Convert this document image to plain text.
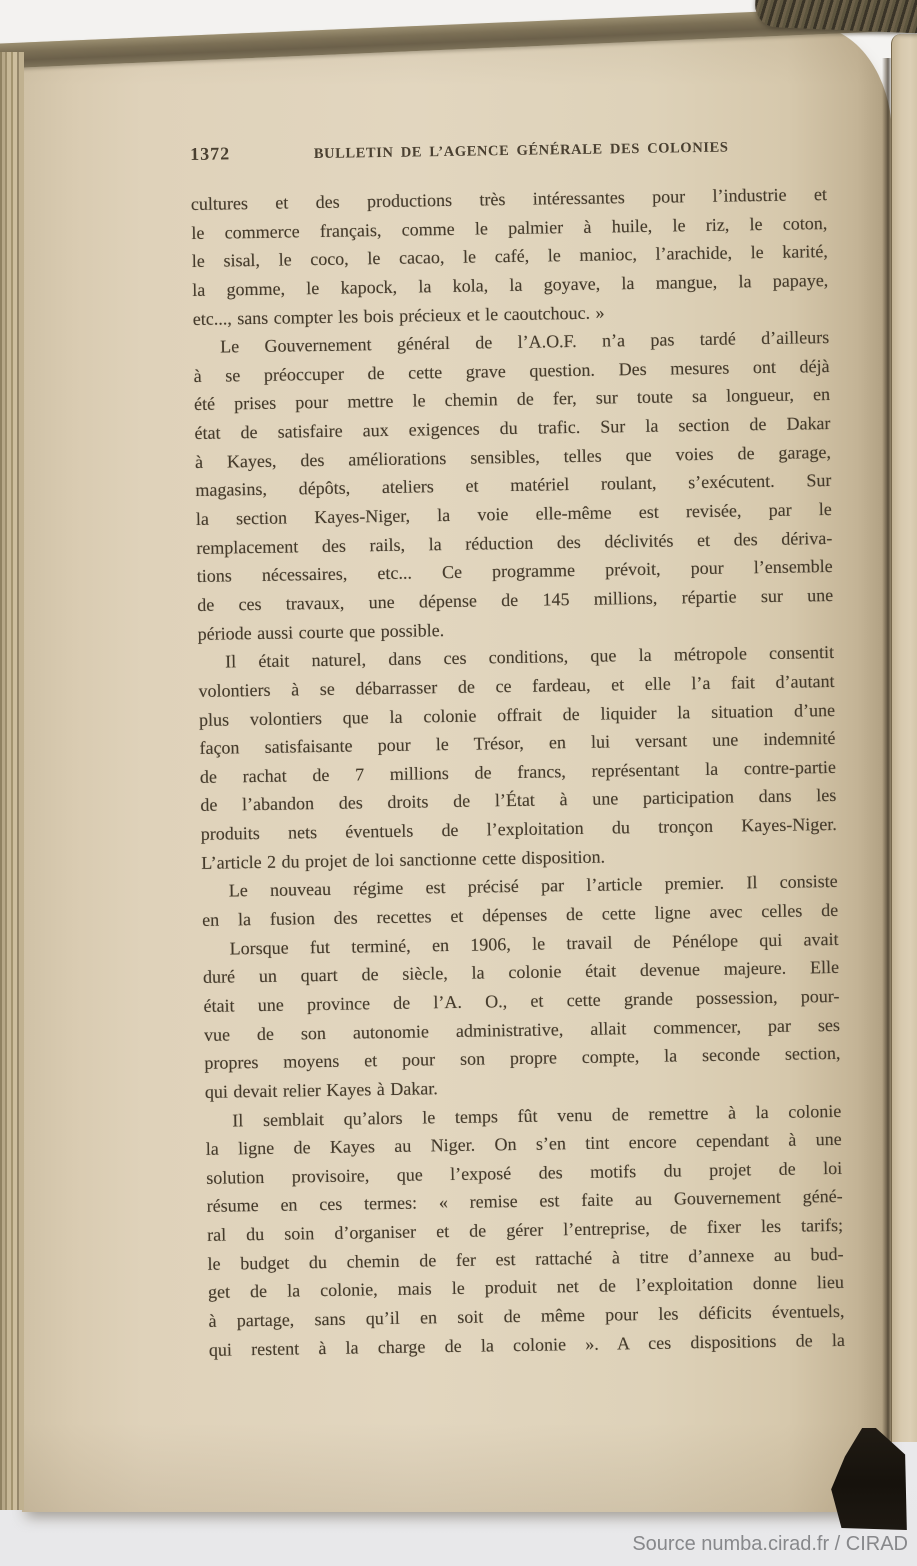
1372	BULLETIN DE L’AGENCE GÉNÉRALE DES COLONIES
cultures et des productions très intéressantes pour l’industrie et
le commerce français, comme le palmier à huile, le riz, le coton,
le sisal, le coco, le cacao, le café, le manioc, l’arachide, le karité,
la gomme, le kapock, la kola, la goyave, la mangue, la papaye,
etc..., sans compter les bois précieux et le caoutchouc. »
Le Gouvernement général de l’A.O.F. n’a pas tardé d’ailleurs
à se préoccuper de cette grave question. Des mesures ont déjà
été prises pour mettre le chemin de fer, sur toute sa longueur, en
état de satisfaire aux exigences du trafic. Sur la section de Dakar
à Kayes, des améliorations sensibles, telles que voies de garage,
magasins, dépôts, ateliers et matériel roulant, s’exécutent. Sur
la section Kayes-Niger, la voie elle-même est revisée, par le
remplacement des rails, la réduction des déclivités et des dériva-
tions nécessaires, etc... Ce programme prévoit, pour l’ensemble
de ces travaux, une dépense de 145 millions, répartie sur une
période aussi courte que possible.
Il était naturel, dans ces conditions, que la métropole consentit
volontiers à se débarrasser de ce fardeau, et elle l’a fait d’autant
plus volontiers que la colonie offrait de liquider la situation d’une
façon satisfaisante pour le Trésor, en lui versant une indemnité
de rachat de 7 millions de francs, représentant la contre-partie
de l’abandon des droits de l’État à une participation dans les
produits nets éventuels de l’exploitation du tronçon Kayes-Niger.
L’article 2 du projet de loi sanctionne cette disposition.
Le nouveau régime est précisé par l’article premier. Il consiste
en la fusion des recettes et dépenses de cette ligne avec celles de
Lorsque fut terminé, en 1906, le travail de Pénélope qui avait
duré un quart de siècle, la colonie était devenue majeure. Elle
était une province de l’A. O., et cette grande possession, pour-
vue de son autonomie administrative, allait commencer, par ses
propres moyens et pour son propre compte, la seconde section,
qui devait relier Kayes à Dakar.
Il semblait qu’alors le temps fût venu de remettre à la colonie
la ligne de Kayes au Niger. On s’en tint encore cependant à une
solution provisoire, que l’exposé des motifs du projet de loi
résume en ces termes: « remise est faite au Gouvernement géné-
ral du soin d’organiser et de gérer l’entreprise, de fixer les tarifs;
le budget du chemin de fer est rattaché à titre d’annexe au bud-
get de la colonie, mais le produit net de l’exploitation donne lieu
à partage, sans qu’il en soit de même pour les déficits éventuels,
qui restent à la charge de la colonie ». A ces dispositions de la
Source numba.cirad.fr / CIRAD
